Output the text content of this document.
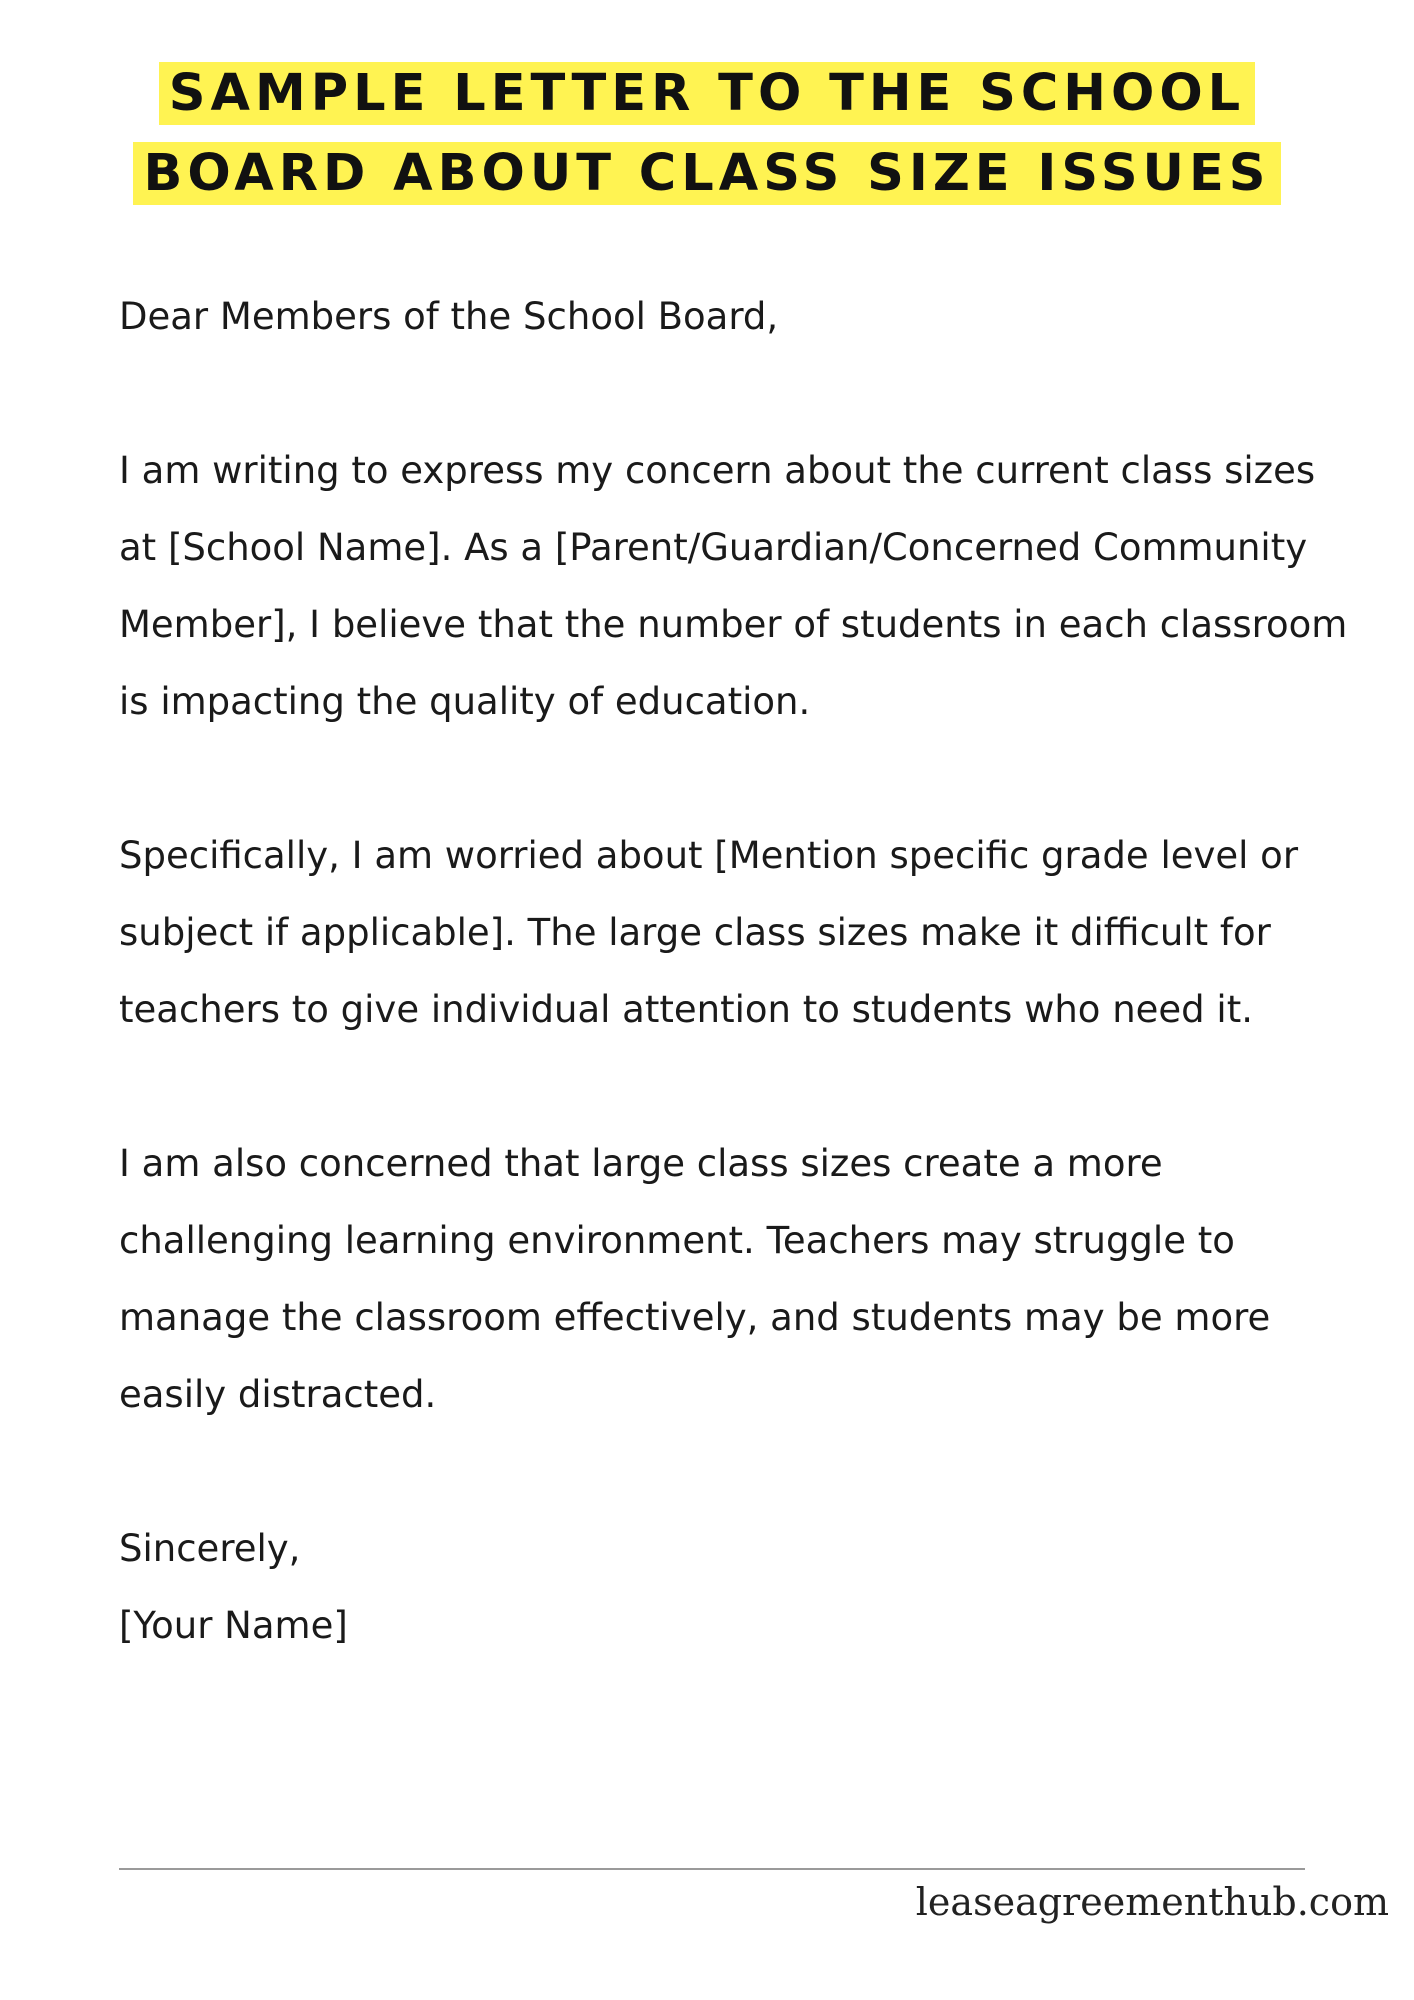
SAMPLE LETTER TO THE SCHOOL
BOARD ABOUT CLASS SIZE ISSUES

Dear Members of the School Board,

I am writing to express my concern about the current class sizes at [School Name]. As a [Parent/Guardian/Concerned Community Member], I believe that the number of students in each classroom is impacting the quality of education.

Specifically, I am worried about [Mention specific grade level or subject if applicable]. The large class sizes make it difficult for teachers to give individual attention to students who need it.

I am also concerned that large class sizes create a more challenging learning environment. Teachers may struggle to manage the classroom effectively, and students may be more easily distracted.

Sincerely,

[Your Name]

leaseagreementhub.com
